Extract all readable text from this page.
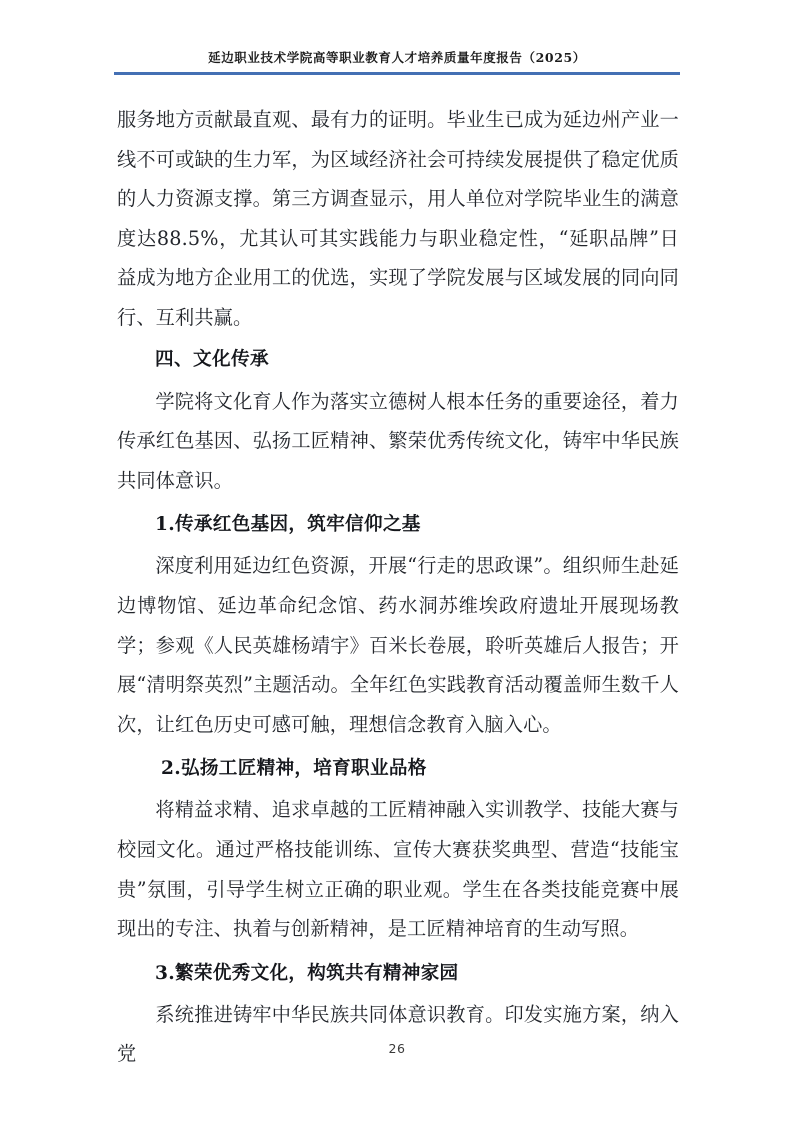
延边职业技术学院高等职业教育人才培养质量年度报告（2025）

服务地方贡献最直观、最有力的证明。毕业生已成为延边州产业一线不可或缺的生力军，为区域经济社会可持续发展提供了稳定优质的人力资源支撑。第三方调查显示，用人单位对学院毕业生的满意度达88.5%，尤其认可其实践能力与职业稳定性，“延职品牌”日益成为地方企业用工的优选，实现了学院发展与区域发展的同向同行、互利共赢。

四、文化传承

学院将文化育人作为落实立德树人根本任务的重要途径，着力传承红色基因、弘扬工匠精神、繁荣优秀传统文化，铸牢中华民族共同体意识。

1.传承红色基因，筑牢信仰之基

深度利用延边红色资源，开展“行走的思政课”。组织师生赴延边博物馆、延边革命纪念馆、药水洞苏维埃政府遗址开展现场教学；参观《人民英雄杨靖宇》百米长卷展，聆听英雄后人报告；开展“清明祭英烈”主题活动。全年红色实践教育活动覆盖师生数千人次，让红色历史可感可触，理想信念教育入脑入心。

2.弘扬工匠精神，培育职业品格

将精益求精、追求卓越的工匠精神融入实训教学、技能大赛与校园文化。通过严格技能训练、宣传大赛获奖典型、营造“技能宝贵”氛围，引导学生树立正确的职业观。学生在各类技能竞赛中展现出的专注、执着与创新精神，是工匠精神培育的生动写照。

3.繁荣优秀文化，构筑共有精神家园

系统推进铸牢中华民族共同体意识教育。印发实施方案，纳入党	26
